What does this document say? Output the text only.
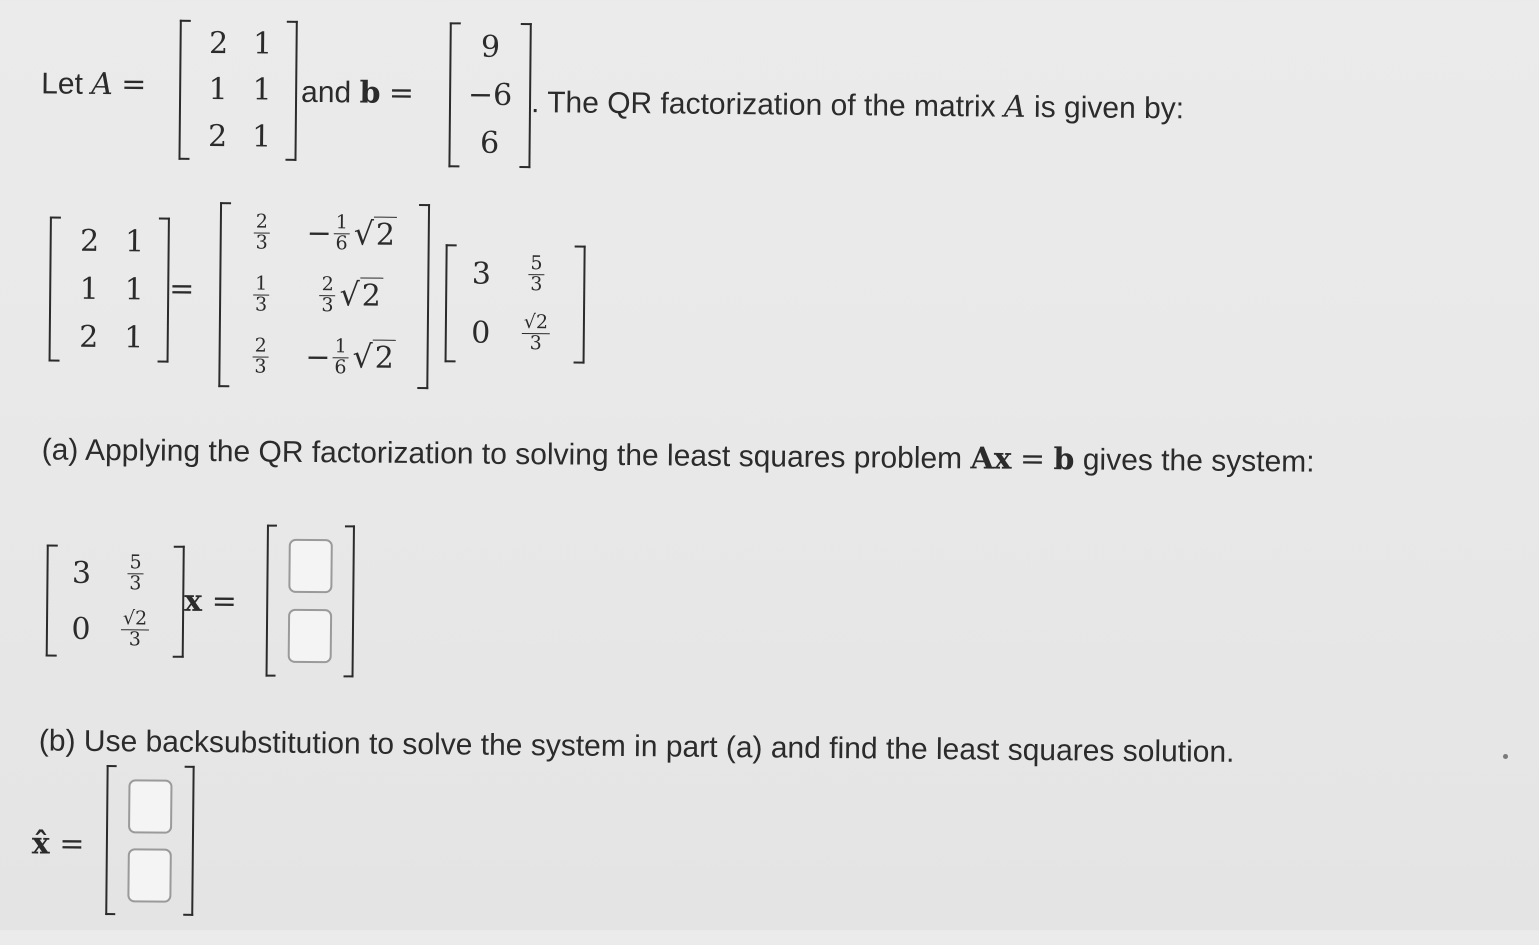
Let A =
2 1
1 1
2 1
and b =
9
−6
6
. The QR factorization of the matrix A is given by:
2 1
1 1
2 1
=
$\frac{2}{3} - \frac{1}{6}$ √ 2
$\frac{1}{3}$	$\frac{2}{3}$ √ 2
$\frac{2}{3} - \frac{1}{6}$ √ 2
$3 \frac{5}{3}$
$0 \frac{√2}{3}$
(a) Applying the QR factorization to solving the least squares problem Ax = b gives the system:
$3 \frac{5}{3}$
$0 \frac{√2}{3}$
x =
(b) Use backsubstitution to solve the system in part (a) and find the least squares solution.
x̂ =
